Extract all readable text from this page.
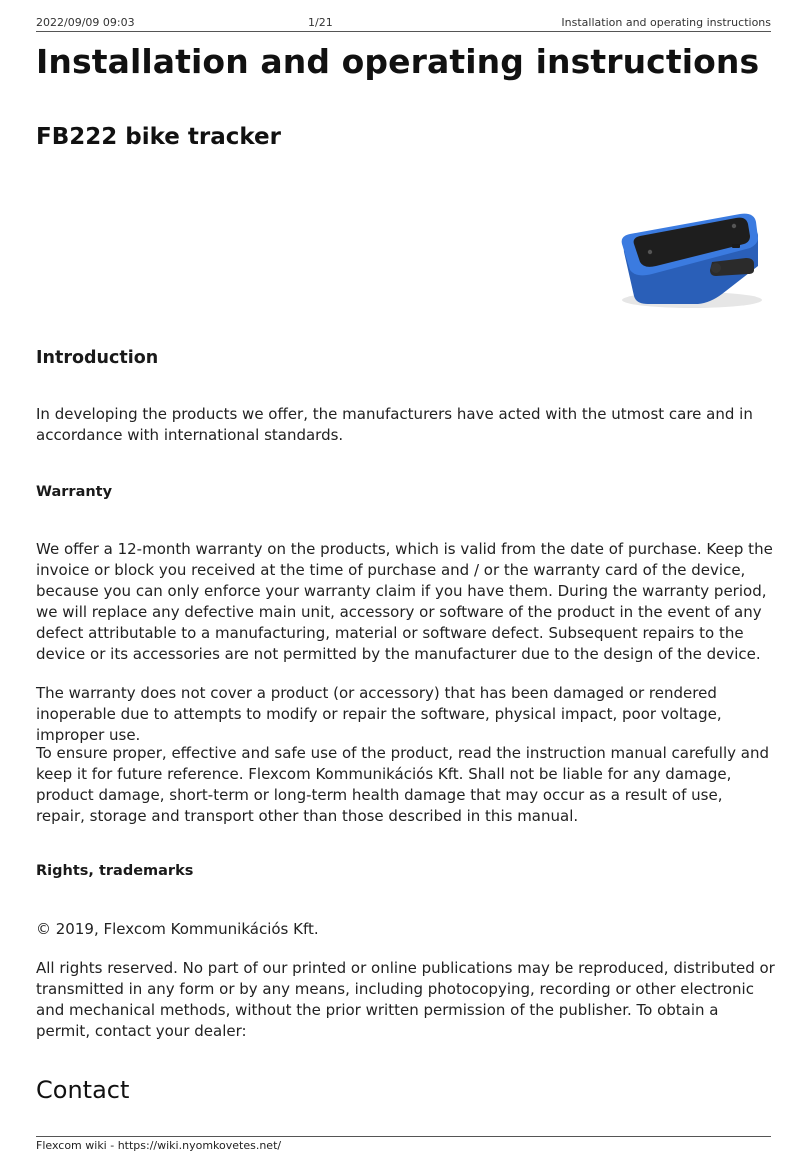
2022/09/09 09:03	1/21	Installation and operating instructions
Installation and operating instructions
FB222 bike tracker
Introduction

In developing the products we offer, the manufacturers have acted with the utmost care and in accordance with international standards.

Warranty

We offer a 12-month warranty on the products, which is valid from the date of purchase. Keep the invoice or block you received at the time of purchase and / or the warranty card of the device, because you can only enforce your warranty claim if you have them. During the warranty period, we will replace any defective main unit, accessory or software of the product in the event of any defect attributable to a manufacturing, material or software defect. Subsequent repairs to the device or its accessories are not permitted by the manufacturer due to the design of the device.

The warranty does not cover a product (or accessory) that has been damaged or rendered inoperable due to attempts to modify or repair the software, physical impact, poor voltage, improper use.

To ensure proper, effective and safe use of the product, read the instruction manual carefully and keep it for future reference. Flexcom Kommunikációs Kft. Shall not be liable for any damage, product damage, short-term or long-term health damage that may occur as a result of use, repair, storage and transport other than those described in this manual.

Rights, trademarks

© 2019, Flexcom Kommunikációs Kft.

All rights reserved. No part of our printed or online publications may be reproduced, distributed or transmitted in any form or by any means, including photocopying, recording or other electronic and mechanical methods, without the prior written permission of the publisher. To obtain a permit, contact your dealer:

Contact
Flexcom wiki - https://wiki.nyomkovetes.net/
